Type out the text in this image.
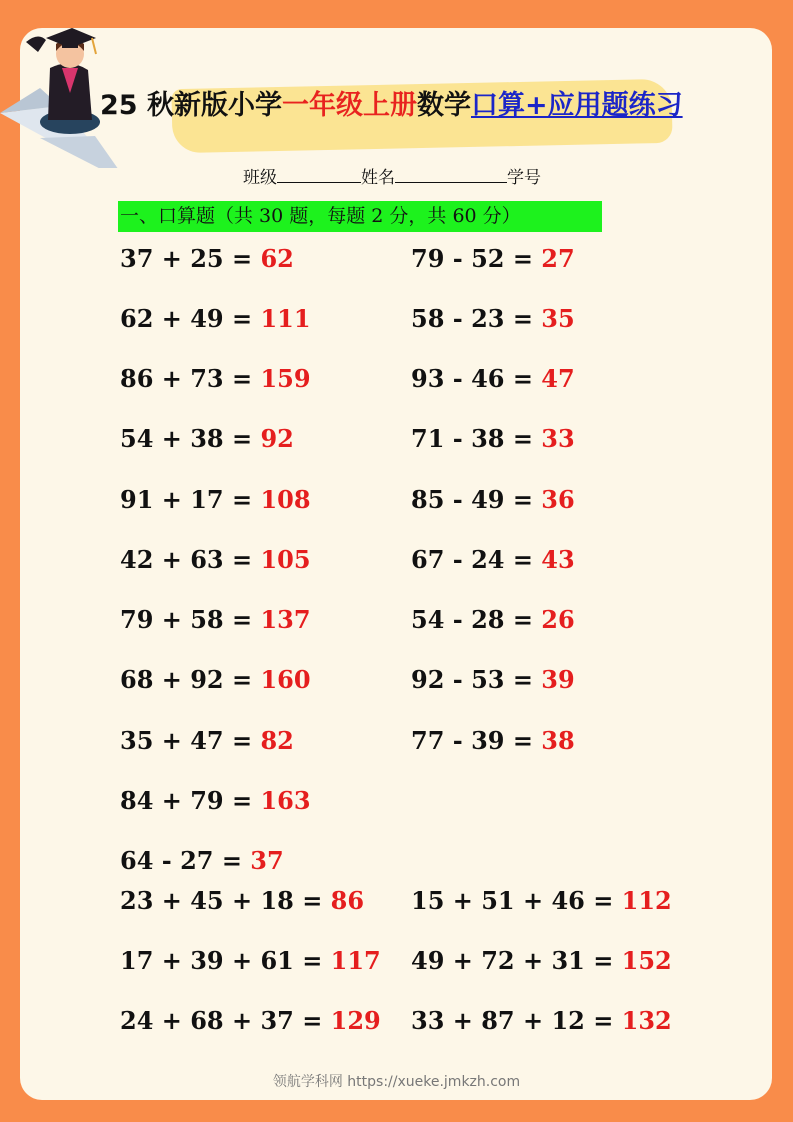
25 秋新版小学一年级上册数学口算+应用题练习
班级	姓名	学号
一、口算题（共 30 题，每题 2 分，共 60 分）
37 + 25 = 62
62 + 49 = 111
86 + 73 = 159
54 + 38 = 92
91 + 17 = 108
42 + 63 = 105
79 + 58 = 137
68 + 92 = 160
35 + 47 = 82
84 + 79 = 163
64 - 27 = 37
23 + 45 + 18 = 86
17 + 39 + 61 = 117
24 + 68 + 37 = 129
79 - 52 = 27
58 - 23 = 35
93 - 46 = 47
71 - 38 = 33
85 - 49 = 36
67 - 24 = 43
54 - 28 = 26
92 - 53 = 39
77 - 39 = 38
15 + 51 + 46 = 112
49 + 72 + 31 = 152
33 + 87 + 12 = 132
领航学科网 https://xueke.jmkzh.com
